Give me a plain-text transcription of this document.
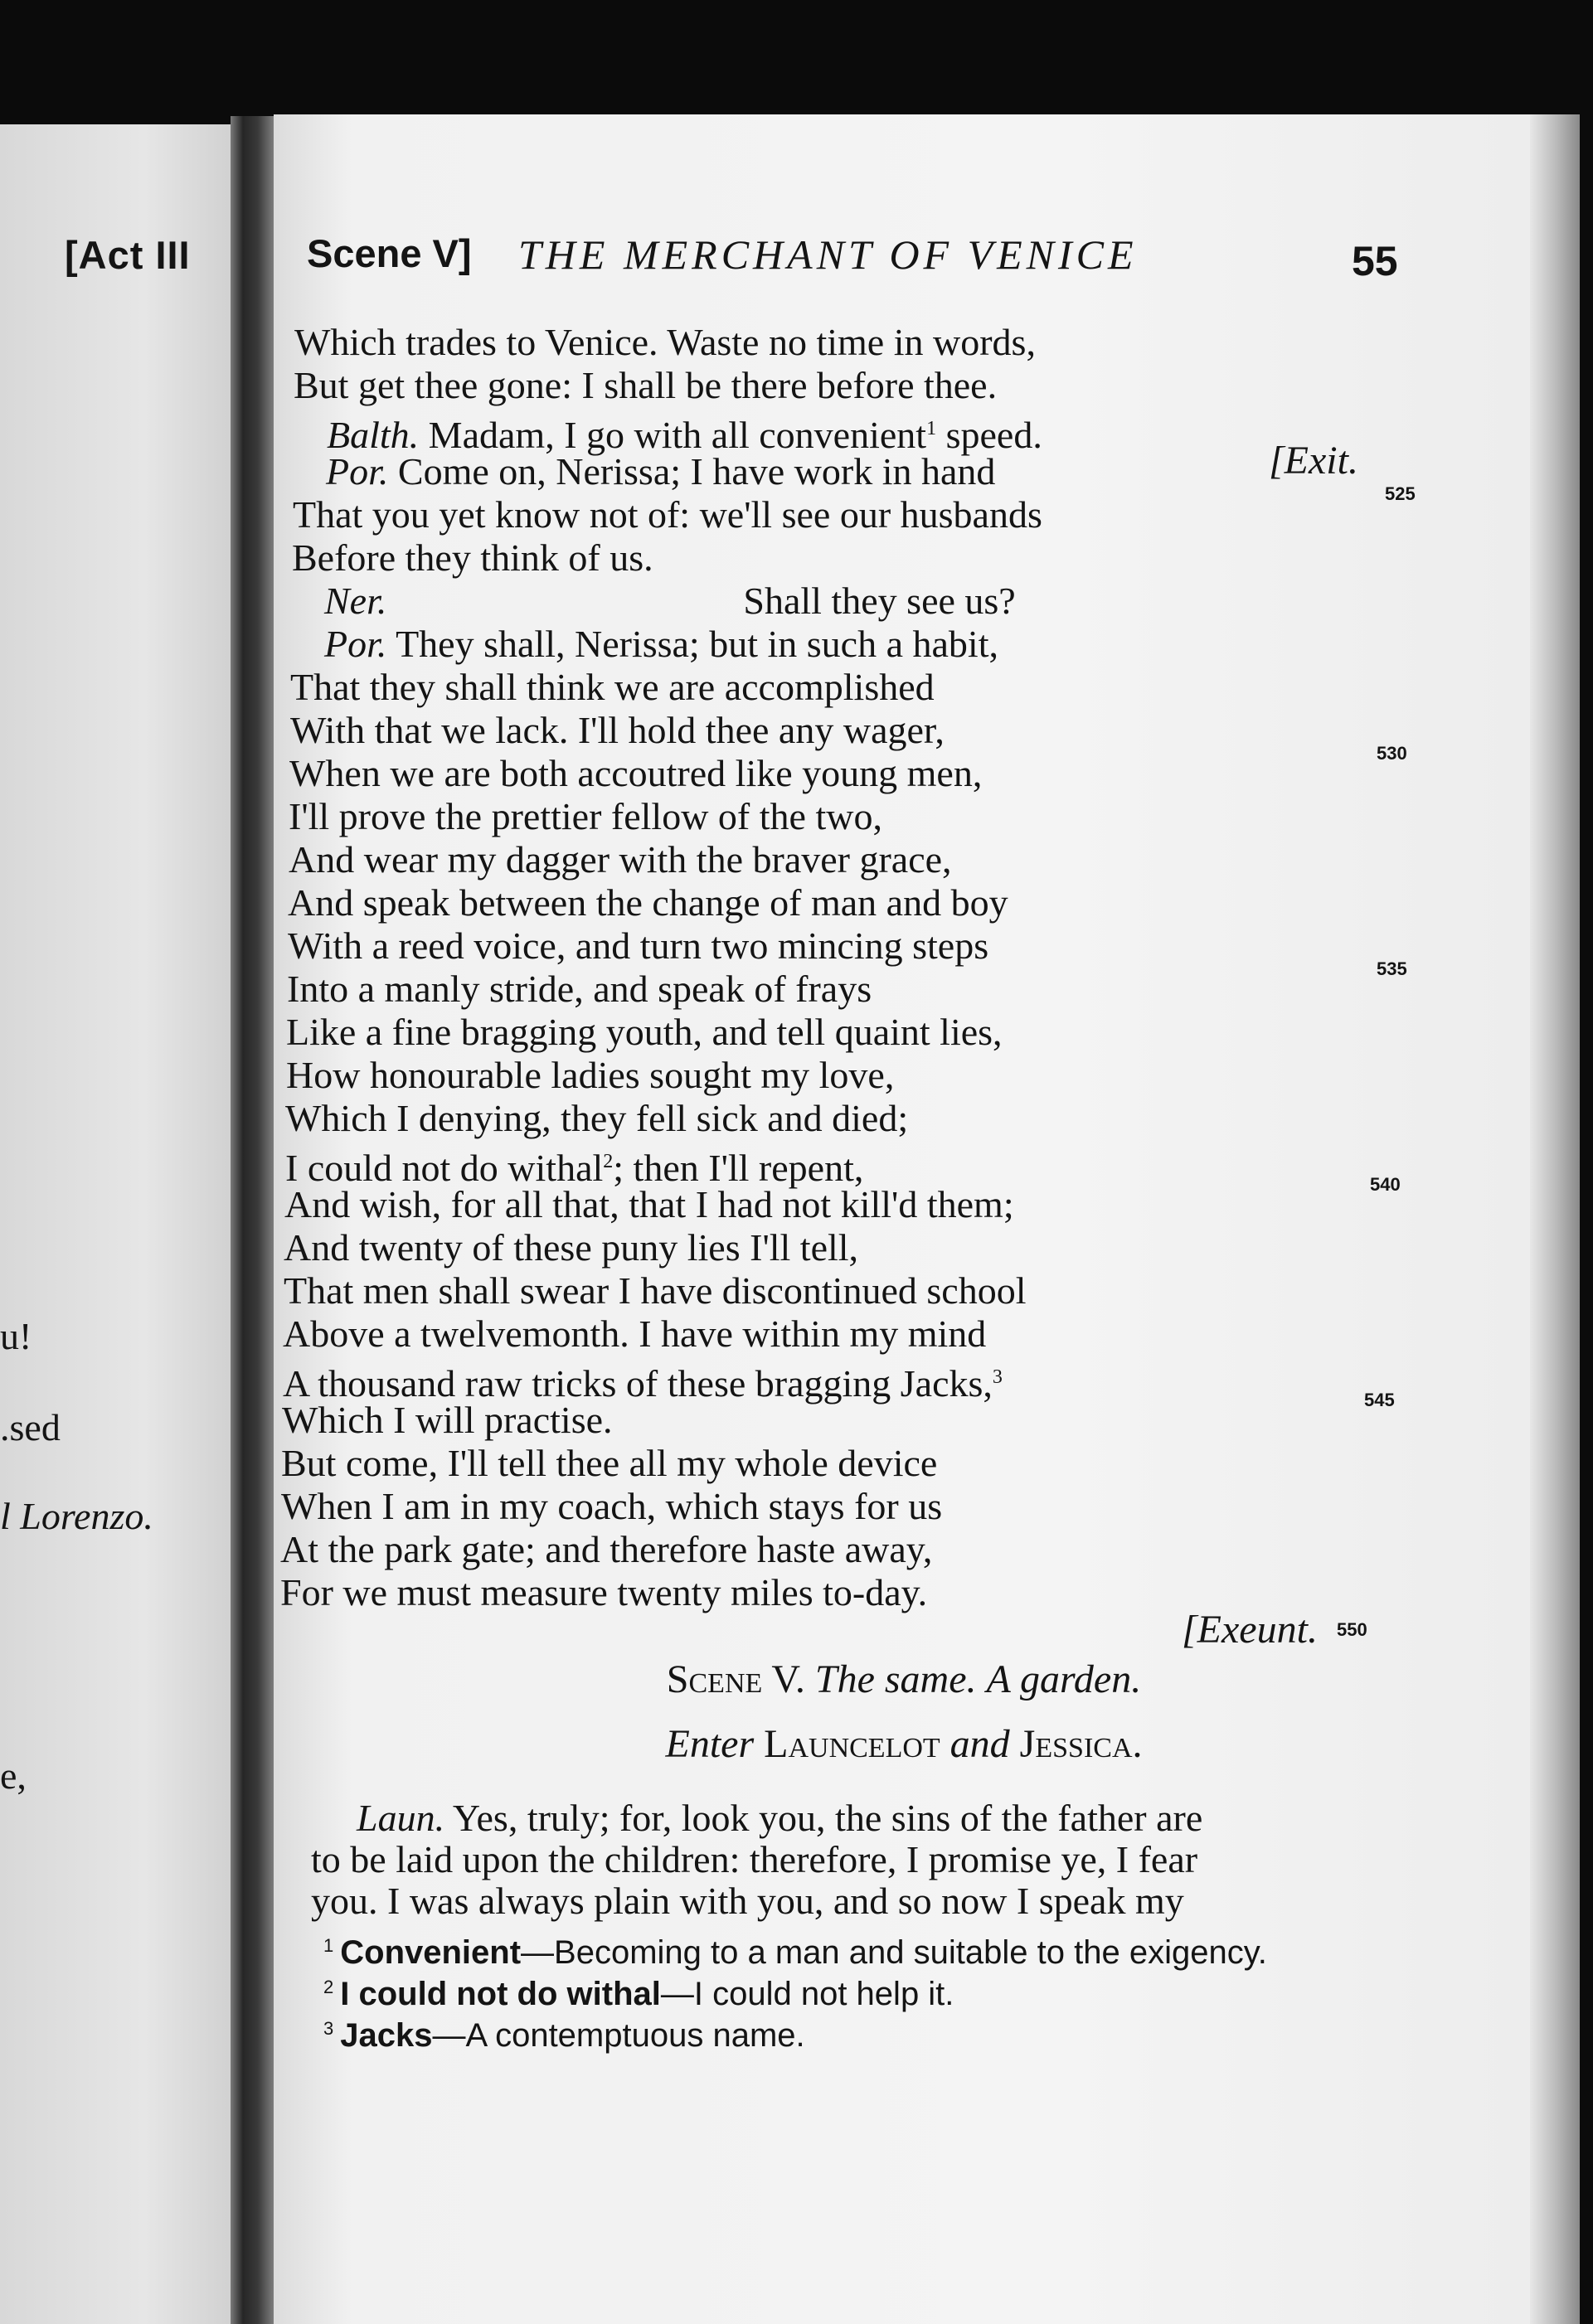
[Act III
u!
.sed
l Lorenzo.
e,
Scene V] THE MERCHANT OF VENICE	55
Which trades to Venice. Waste no time in words,
But get thee gone: I shall be there before thee.
Balth. Madam, I go with all convenient$^1$ speed.
Por. Come on, Nerissa; I have work in hand
That you yet know not of: we'll see our husbands
Before they think of us.
Ner.	Shall they see us?
Por. They shall, Nerissa; but in such a habit,
That they shall think we are accomplished
With that we lack. I'll hold thee any wager,
When we are both accoutred like young men,
I'll prove the prettier fellow of the two,
And wear my dagger with the braver grace,
And speak between the change of man and boy
With a reed voice, and turn two mincing steps
Into a manly stride, and speak of frays
Like a fine bragging youth, and tell quaint lies,
How honourable ladies sought my love,
Which I denying, they fell sick and died;
I could not do withal$^2$; then I'll repent,
And wish, for all that, that I had not kill'd them;
And twenty of these puny lies I'll tell,
That men shall swear I have discontinued school
Above a twelvemonth. I have within my mind
A thousand raw tricks of these bragging Jacks,$^3$
Which I will practise.
But come, I'll tell thee all my whole device
When I am in my coach, which stays for us
At the park gate; and therefore haste away,
For we must measure twenty miles to-day.
[Exit.
[Exeunt.
525
530
535
540
545
550
Scene V. The same. A garden.
Enter Launcelot and Jessica.
Laun. Yes, truly; for, look you, the sins of the father are
to be laid upon the children: therefore, I promise ye, I fear
you. I was always plain with you, and so now I speak my
$^1$ Convenient—Becoming to a man and suitable to the exigency.
$^2$ I could not do withal—I could not help it.
$^3$ Jacks—A contemptuous name.
